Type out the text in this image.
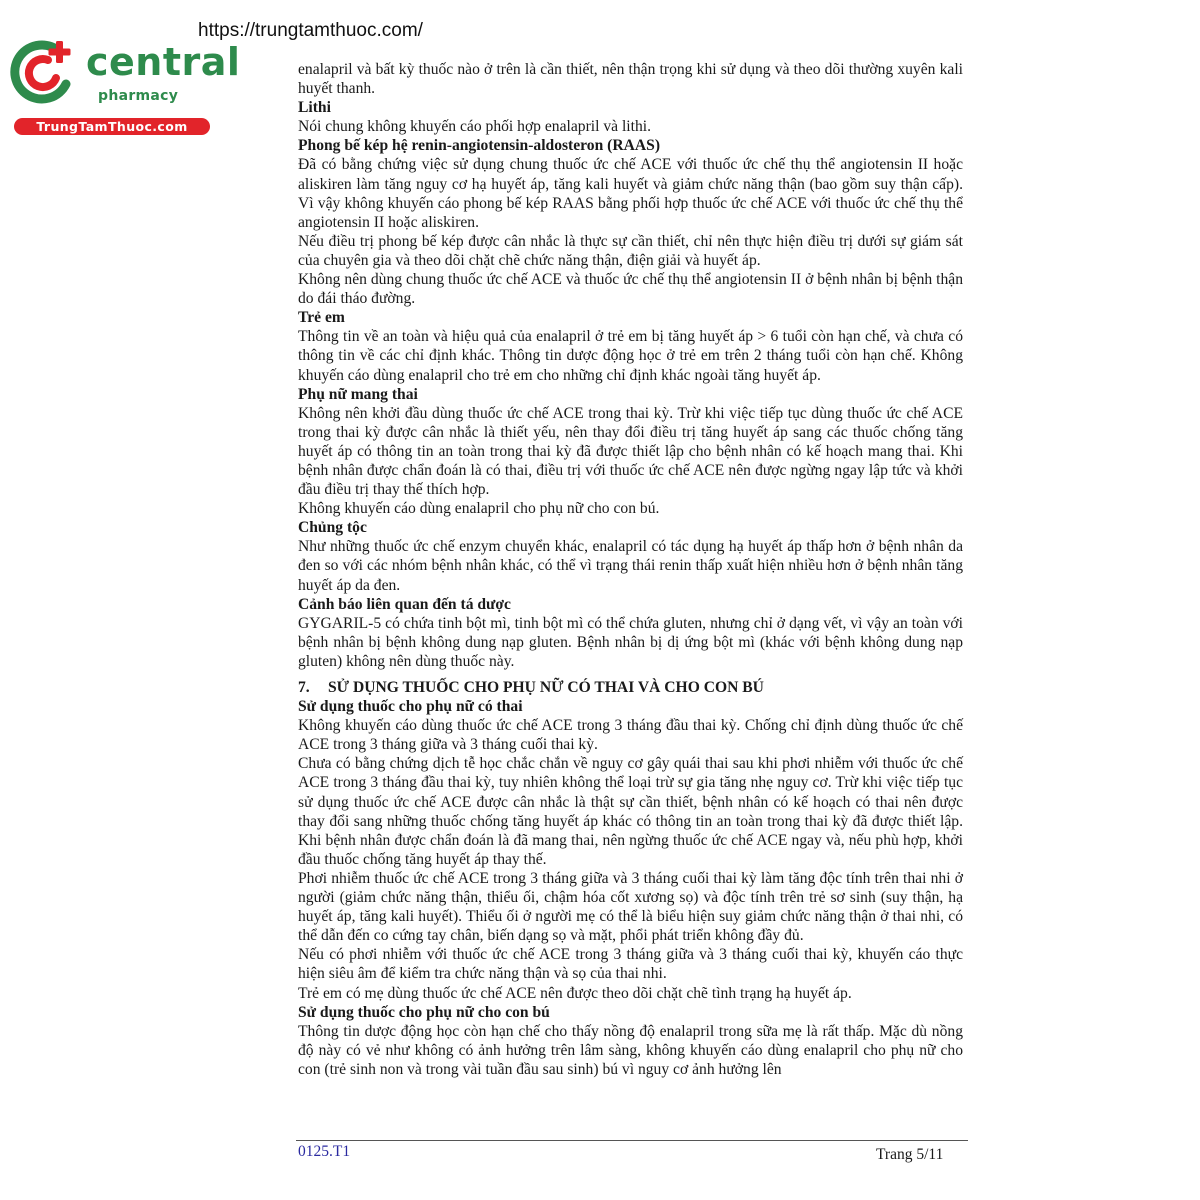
https://trungtamthuoc.com/
central
pharmacy
TrungTamThuoc.com

enalapril và bất kỳ thuốc nào ở trên là cần thiết, nên thận trọng khi sử dụng và theo dõi thường xuyên kali huyết thanh.

Lithi

Nói chung không khuyến cáo phối hợp enalapril và lithi.

Phong bế kép hệ renin-angiotensin-aldosteron (RAAS)

Đã có bằng chứng việc sử dụng chung thuốc ức chế ACE với thuốc ức chế thụ thể angiotensin II hoặc aliskiren làm tăng nguy cơ hạ huyết áp, tăng kali huyết và giảm chức năng thận (bao gồm suy thận cấp). Vì vậy không khuyến cáo phong bế kép RAAS bằng phối hợp thuốc ức chế ACE với thuốc ức chế thụ thể angiotensin II hoặc aliskiren.

Nếu điều trị phong bế kép được cân nhắc là thực sự cần thiết, chỉ nên thực hiện điều trị dưới sự giám sát của chuyên gia và theo dõi chặt chẽ chức năng thận, điện giải và huyết áp.

Không nên dùng chung thuốc ức chế ACE và thuốc ức chế thụ thể angiotensin II ở bệnh nhân bị bệnh thận do đái tháo đường.

Trẻ em

Thông tin về an toàn và hiệu quả của enalapril ở trẻ em bị tăng huyết áp > 6 tuổi còn hạn chế, và chưa có thông tin về các chỉ định khác. Thông tin dược động học ở trẻ em trên 2 tháng tuổi còn hạn chế. Không khuyến cáo dùng enalapril cho trẻ em cho những chỉ định khác ngoài tăng huyết áp.

Phụ nữ mang thai

Không nên khởi đầu dùng thuốc ức chế ACE trong thai kỳ. Trừ khi việc tiếp tục dùng thuốc ức chế ACE trong thai kỳ được cân nhắc là thiết yếu, nên thay đổi điều trị tăng huyết áp sang các thuốc chống tăng huyết áp có thông tin an toàn trong thai kỳ đã được thiết lập cho bệnh nhân có kế hoạch mang thai. Khi bệnh nhân được chẩn đoán là có thai, điều trị với thuốc ức chế ACE nên được ngừng ngay lập tức và khởi đầu điều trị thay thế thích hợp.

Không khuyến cáo dùng enalapril cho phụ nữ cho con bú.

Chủng tộc

Như những thuốc ức chế enzym chuyển khác, enalapril có tác dụng hạ huyết áp thấp hơn ở bệnh nhân da đen so với các nhóm bệnh nhân khác, có thể vì trạng thái renin thấp xuất hiện nhiều hơn ở bệnh nhân tăng huyết áp da đen.

Cảnh báo liên quan đến tá dược

GYGARIL-5 có chứa tinh bột mì, tinh bột mì có thể chứa gluten, nhưng chỉ ở dạng vết, vì vậy an toàn với bệnh nhân bị bệnh không dung nạp gluten. Bệnh nhân bị dị ứng bột mì (khác với bệnh không dung nạp gluten) không nên dùng thuốc này.

7. SỬ DỤNG THUỐC CHO PHỤ NỮ CÓ THAI VÀ CHO CON BÚ

Sử dụng thuốc cho phụ nữ có thai

Không khuyến cáo dùng thuốc ức chế ACE trong 3 tháng đầu thai kỳ. Chống chỉ định dùng thuốc ức chế ACE trong 3 tháng giữa và 3 tháng cuối thai kỳ.

Chưa có bằng chứng dịch tễ học chắc chắn về nguy cơ gây quái thai sau khi phơi nhiễm với thuốc ức chế ACE trong 3 tháng đầu thai kỳ, tuy nhiên không thể loại trừ sự gia tăng nhẹ nguy cơ. Trừ khi việc tiếp tục sử dụng thuốc ức chế ACE được cân nhắc là thật sự cần thiết, bệnh nhân có kế hoạch có thai nên được thay đổi sang những thuốc chống tăng huyết áp khác có thông tin an toàn trong thai kỳ đã được thiết lập. Khi bệnh nhân được chẩn đoán là đã mang thai, nên ngừng thuốc ức chế ACE ngay và, nếu phù hợp, khởi đầu thuốc chống tăng huyết áp thay thế.

Phơi nhiễm thuốc ức chế ACE trong 3 tháng giữa và 3 tháng cuối thai kỳ làm tăng độc tính trên thai nhi ở người (giảm chức năng thận, thiểu ối, chậm hóa cốt xương sọ) và độc tính trên trẻ sơ sinh (suy thận, hạ huyết áp, tăng kali huyết). Thiểu ối ở người mẹ có thể là biểu hiện suy giảm chức năng thận ở thai nhi, có thể dẫn đến co cứng tay chân, biến dạng sọ và mặt, phổi phát triển không đầy đủ.

Nếu có phơi nhiễm với thuốc ức chế ACE trong 3 tháng giữa và 3 tháng cuối thai kỳ, khuyến cáo thực hiện siêu âm để kiểm tra chức năng thận và sọ của thai nhi.

Trẻ em có mẹ dùng thuốc ức chế ACE nên được theo dõi chặt chẽ tình trạng hạ huyết áp.

Sử dụng thuốc cho phụ nữ cho con bú

Thông tin dược động học còn hạn chế cho thấy nồng độ enalapril trong sữa mẹ là rất thấp. Mặc dù nồng độ này có vẻ như không có ảnh hưởng trên lâm sàng, không khuyến cáo dùng enalapril cho phụ nữ cho con (trẻ sinh non và trong vài tuần đầu sau sinh) bú vì nguy cơ ảnh hưởng lên

0125.T1	Trang 5/11
